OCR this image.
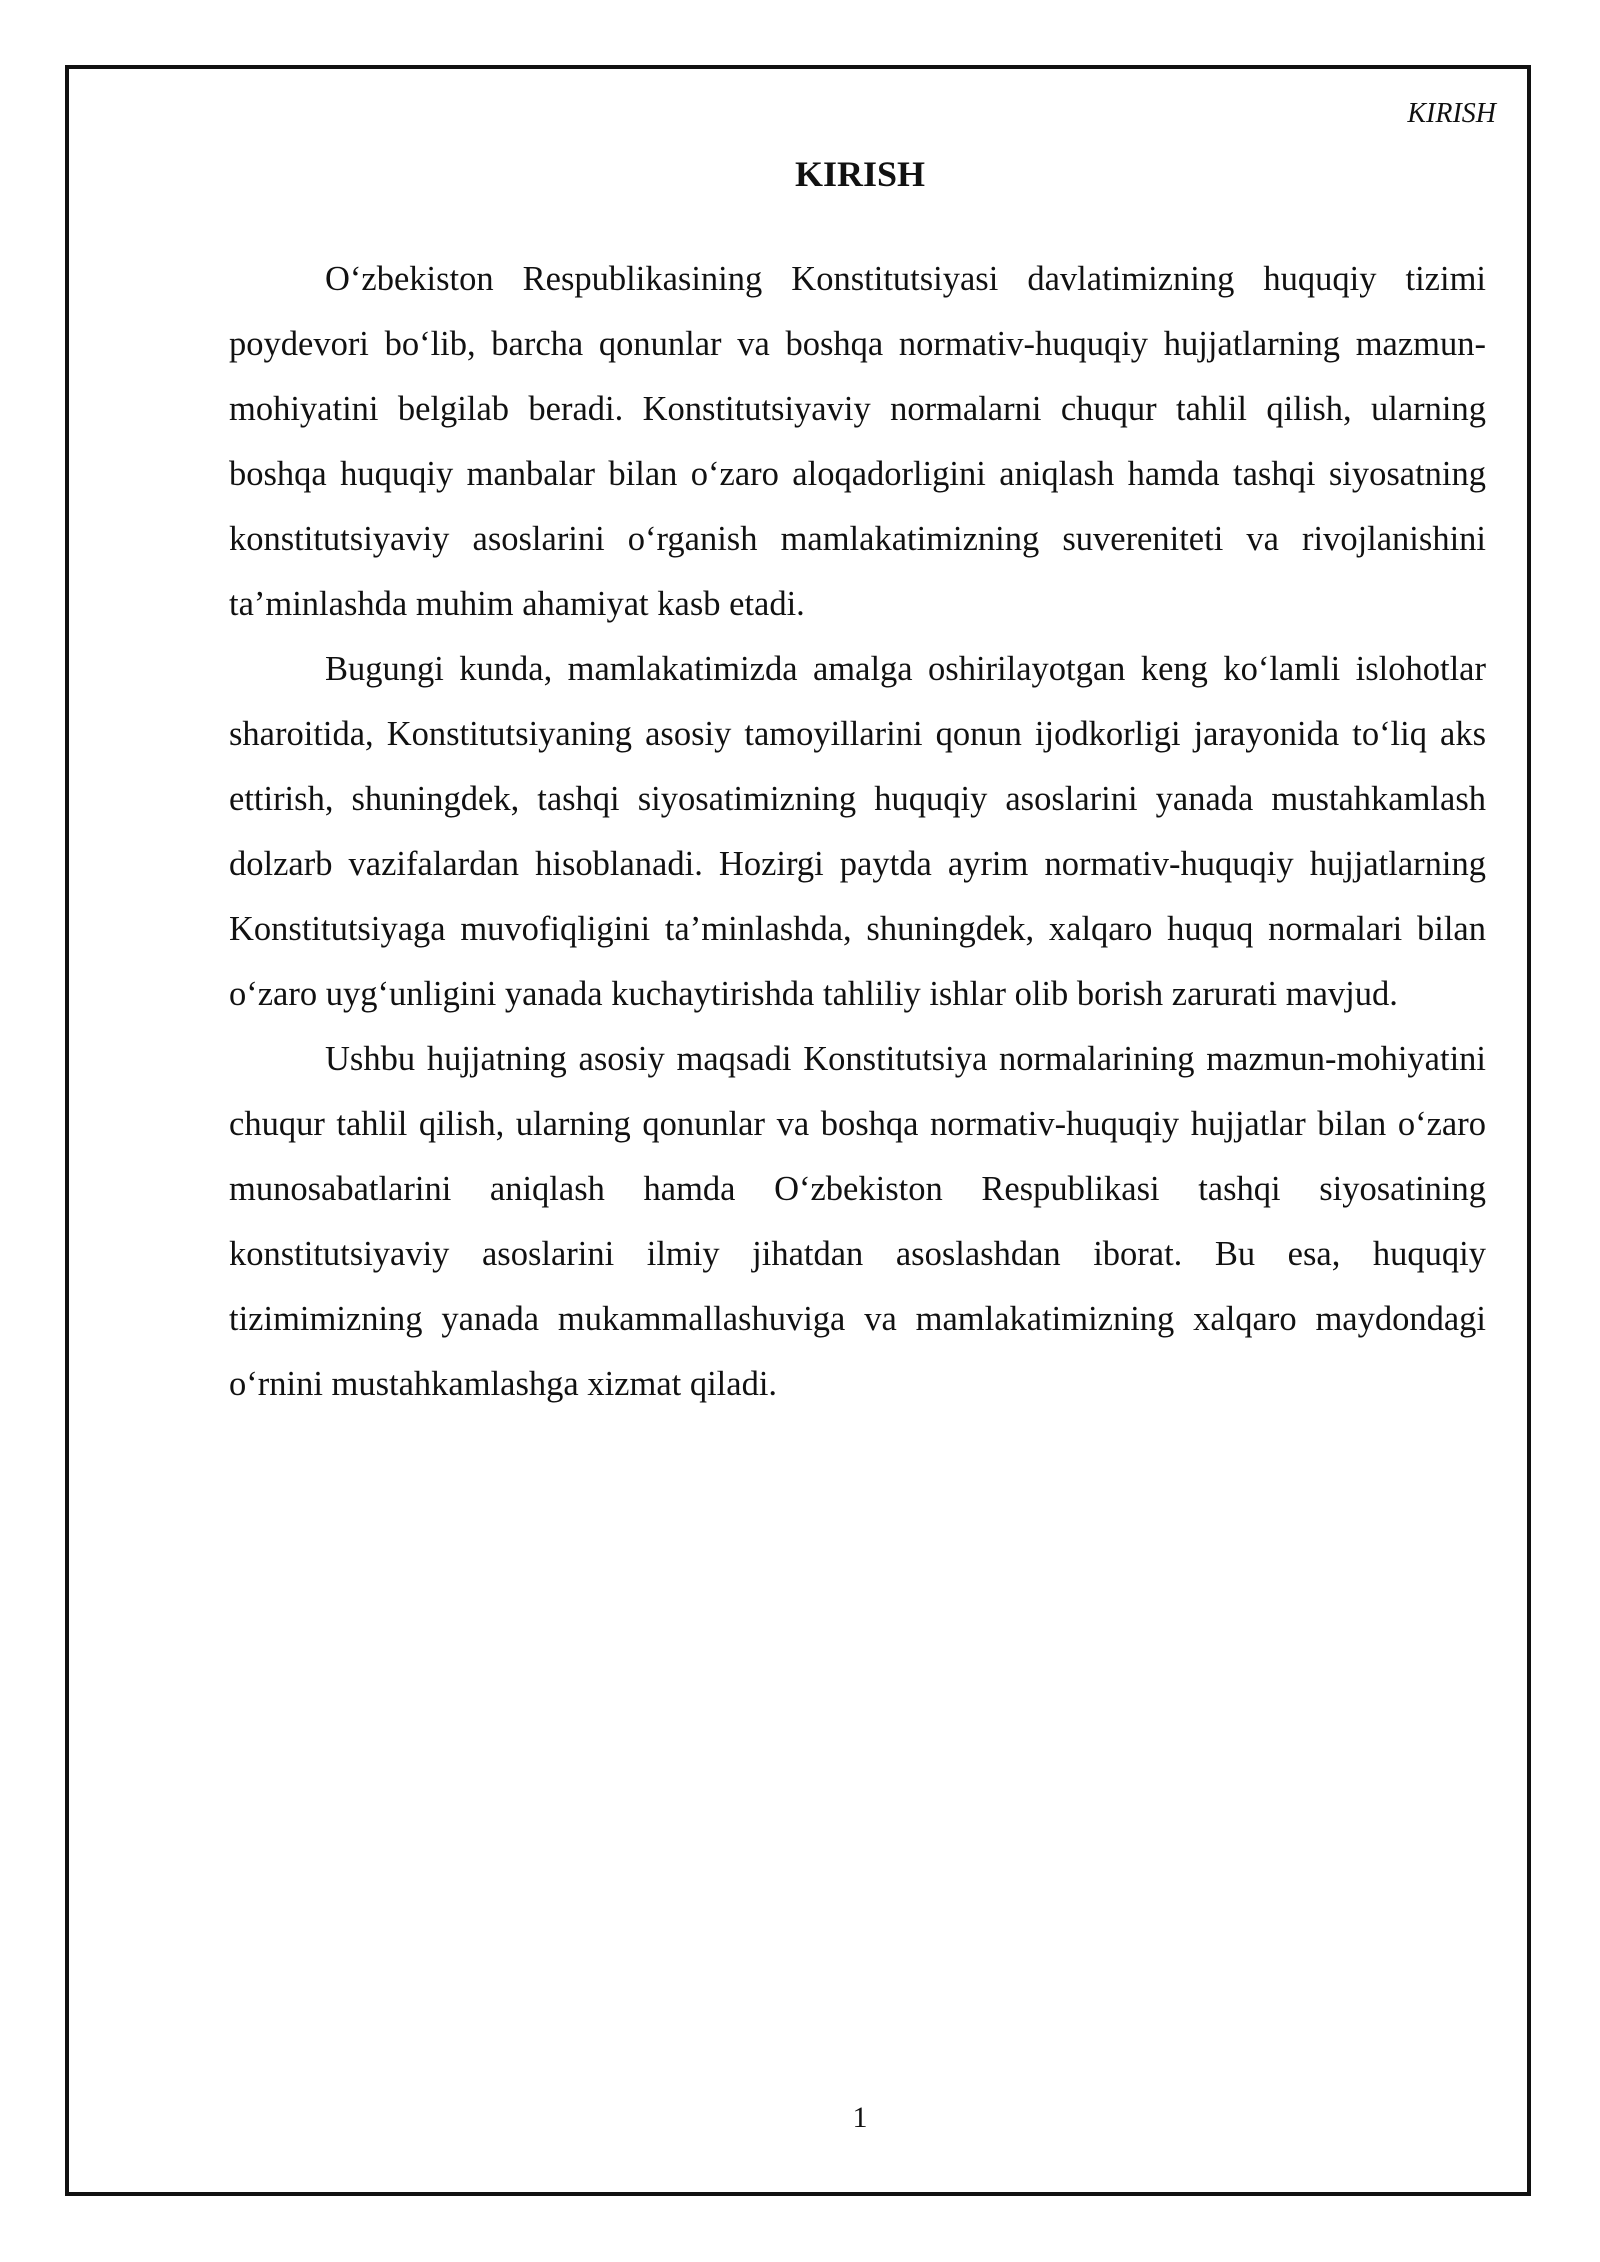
KIRISH
KIRISH

O‘zbekiston Respublikasining Konstitutsiyasi davlatimizning huquqiy tizimi poydevori bo‘lib, barcha qonunlar va boshqa normativ-huquqiy hujjatlarning mazmun-mohiyatini belgilab beradi. Konstitutsiyaviy normalarni chuqur tahlil qilish, ularning boshqa huquqiy manbalar bilan o‘zaro aloqadorligini aniqlash hamda tashqi siyosatning konstitutsiyaviy asoslarini o‘rganish mamlakatimizning suvereniteti va rivojlanishini ta’minlashda muhim ahamiyat kasb etadi.

Bugungi kunda, mamlakatimizda amalga oshirilayotgan keng ko‘lamli islohotlar sharoitida, Konstitutsiyaning asosiy tamoyillarini qonun ijodkorligi jarayonida to‘liq aks ettirish, shuningdek, tashqi siyosatimizning huquqiy asoslarini yanada mustahkamlash dolzarb vazifalardan hisoblanadi. Hozirgi paytda ayrim normativ-huquqiy hujjatlarning Konstitutsiyaga muvofiqligini ta’minlashda, shuningdek, xalqaro huquq normalari bilan o‘zaro uyg‘unligini yanada kuchaytirishda tahliliy ishlar olib borish zarurati mavjud.

Ushbu hujjatning asosiy maqsadi Konstitutsiya normalarining mazmun-mohiyatini chuqur tahlil qilish, ularning qonunlar va boshqa normativ-huquqiy hujjatlar bilan o‘zaro munosabatlarini aniqlash hamda O‘zbekiston Respublikasi tashqi siyosatining konstitutsiyaviy asoslarini ilmiy jihatdan asoslashdan iborat. Bu esa, huquqiy tizimimizning yanada mukammallashuviga va mamlakatimizning xalqaro maydondagi o‘rnini mustahkamlashga xizmat qiladi.

1
